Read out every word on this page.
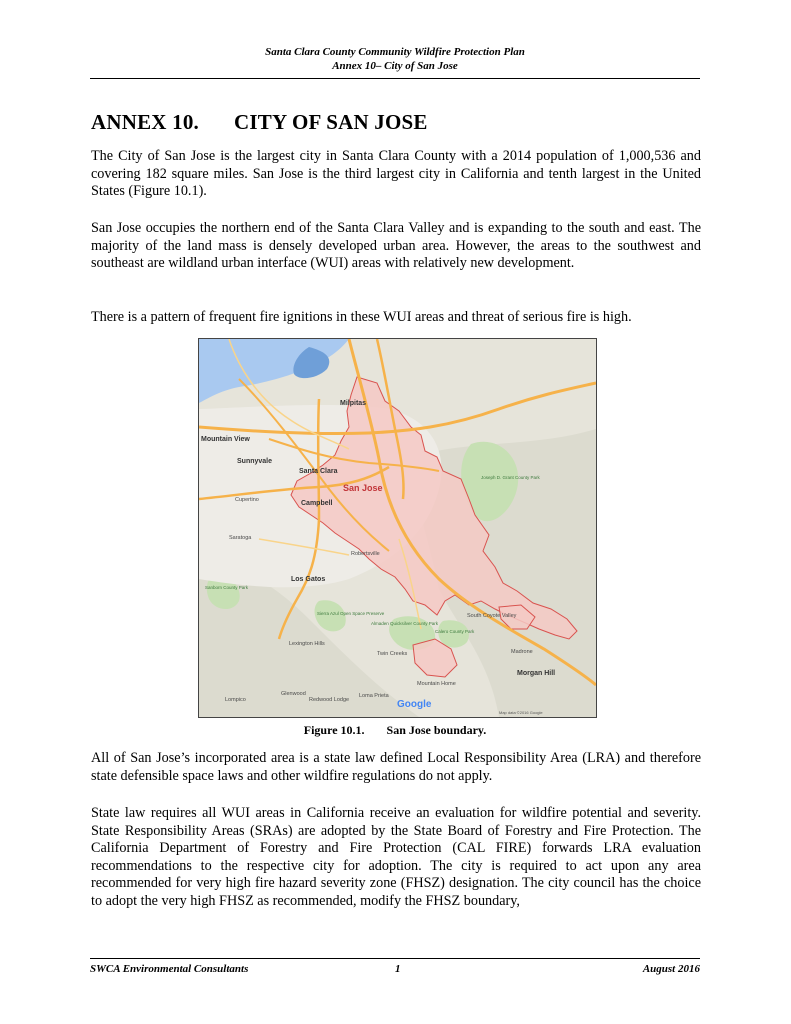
Santa Clara County Community Wildfire Protection Plan
Annex 10– City of San Jose
ANNEX 10. CITY OF SAN JOSE

The City of San Jose is the largest city in Santa Clara County with a 2014 population of 1,000,536 and covering 182 square miles. San Jose is the third largest city in California and tenth largest in the United States (Figure 10.1).

San Jose occupies the northern end of the Santa Clara Valley and is expanding to the south and east. The majority of the land mass is densely developed urban area. However, the areas to the southwest and southeast are wildland urban interface (WUI) areas with relatively new development.

There is a pattern of frequent fire ignitions in these WUI areas and threat of serious fire is high.

Milpitas
Mountain View
Sunnyvale
Santa Clara
San Jose
Cupertino	Campbell
Saratoga
Los Gatos
Robertsville
Lexington Hills
South Coyote Valley
Madrone
Morgan Hill
Twin Creeks
Mountain Home
Glenwood
Redwood Lodge
Loma Prieta
Lompico
Joseph D. Grant County Park
Almaden Quicksilver County Park
Calero County Park
Sierra Azul Open Space Preserve
Sanborn County Park
Google
Map data ©2016 Google
Figure 10.1. San Jose boundary.

All of San Jose’s incorporated area is a state law defined Local Responsibility Area (LRA) and therefore state defensible space laws and other wildfire regulations do not apply.

State law requires all WUI areas in California receive an evaluation for wildfire potential and severity. State Responsibility Areas (SRAs) are adopted by the State Board of Forestry and Fire Protection. The California Department of Forestry and Fire Protection (CAL FIRE) forwards LRA evaluation recommendations to the respective city for adoption. The city is required to act upon any area recommended for very high fire hazard severity zone (FHSZ) designation. The city council has the choice to adopt the very high FHSZ as recommended, modify the FHSZ boundary,

SWCA Environmental Consultants	1	August 2016
